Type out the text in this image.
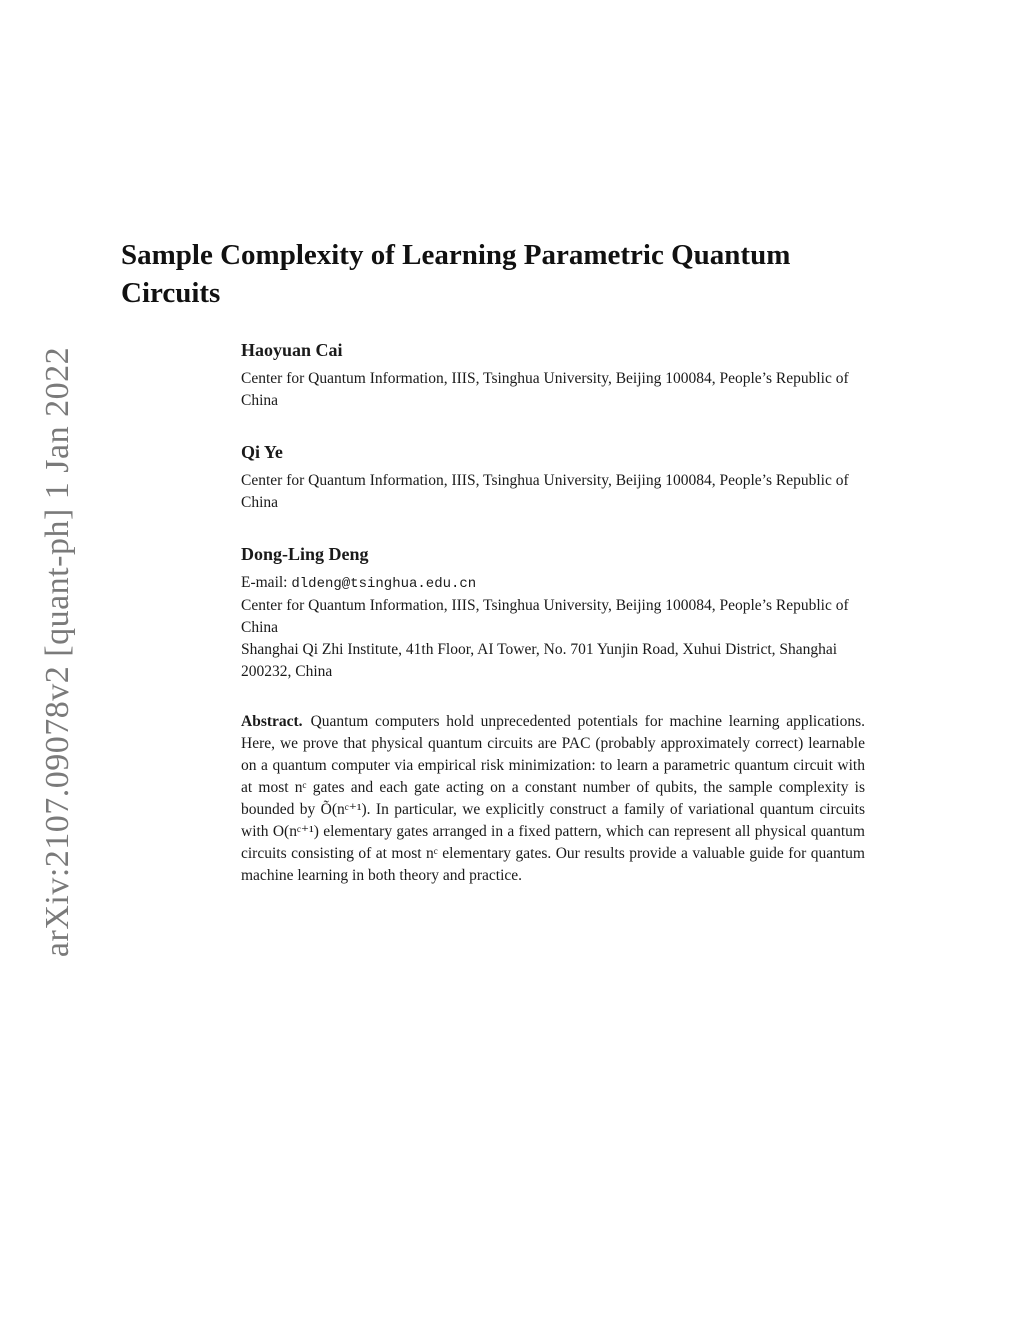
arXiv:2107.09078v2 [quant-ph] 1 Jan 2022
Sample Complexity of Learning Parametric Quantum Circuits
Haoyuan Cai
Center for Quantum Information, IIIS, Tsinghua University, Beijing 100084, People’s Republic of China
Qi Ye
Center for Quantum Information, IIIS, Tsinghua University, Beijing 100084, People’s Republic of China
Dong-Ling Deng
E-mail: dldeng@tsinghua.edu.cn
Center for Quantum Information, IIIS, Tsinghua University, Beijing 100084, People’s Republic of China
Shanghai Qi Zhi Institute, 41th Floor, AI Tower, No. 701 Yunjin Road, Xuhui District, Shanghai 200232, China
Abstract. Quantum computers hold unprecedented potentials for machine learning applications. Here, we prove that physical quantum circuits are PAC (probably approximately correct) learnable on a quantum computer via empirical risk minimization: to learn a parametric quantum circuit with at most nᶜ gates and each gate acting on a constant number of qubits, the sample complexity is bounded by Õ(nᶜ⁺¹). In particular, we explicitly construct a family of variational quantum circuits with O(nᶜ⁺¹) elementary gates arranged in a fixed pattern, which can represent all physical quantum circuits consisting of at most nᶜ elementary gates. Our results provide a valuable guide for quantum machine learning in both theory and practice.
